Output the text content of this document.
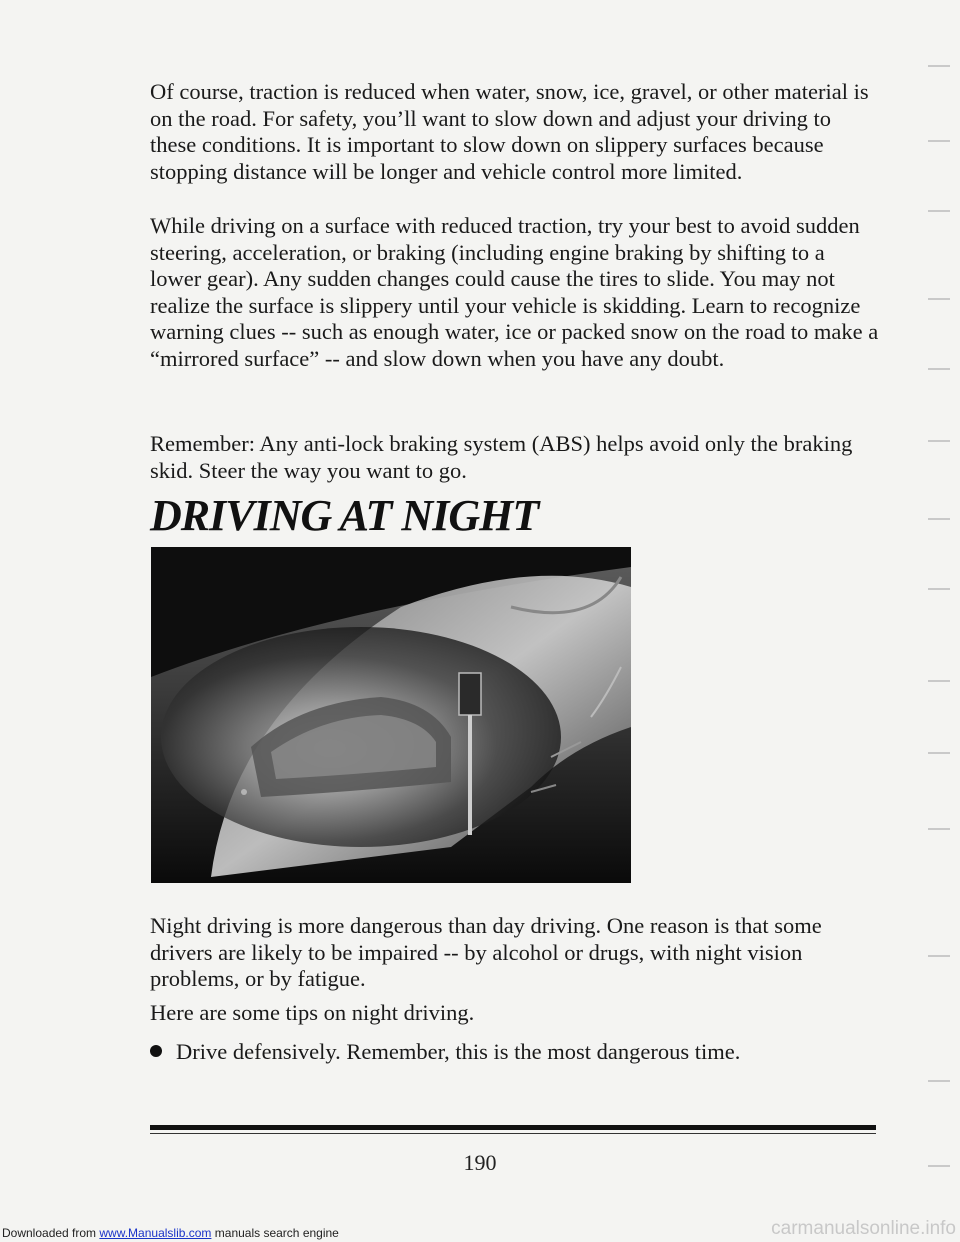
Of course, traction is reduced when water, snow, ice, gravel, or other material is on the road. For safety, you’ll want to slow down and adjust your driving to these conditions. It is important to slow down on slippery surfaces because stopping distance will be longer and vehicle control more limited.

While driving on a surface with reduced traction, try your best to avoid sudden steering, acceleration, or braking (including engine braking by shifting to a lower gear). Any sudden changes could cause the tires to slide. You may not realize the surface is slippery until your vehicle is skidding. Learn to recognize warning clues -- such as enough water, ice or packed snow on the road to make a “mirrored surface” -- and slow down when you have any doubt.

Remember: Any anti-lock braking system (ABS) helps avoid only the braking skid. Steer the way you want to go.

DRIVING AT NIGHT

Night driving is more dangerous than day driving. One reason is that some drivers are likely to be impaired -- by alcohol or drugs, with night vision problems, or by fatigue.

Here are some tips on night driving.

Drive defensively. Remember, this is the most dangerous time.
190
Downloaded from www.Manualslib.com manuals search engine	carmanualsonline.info
